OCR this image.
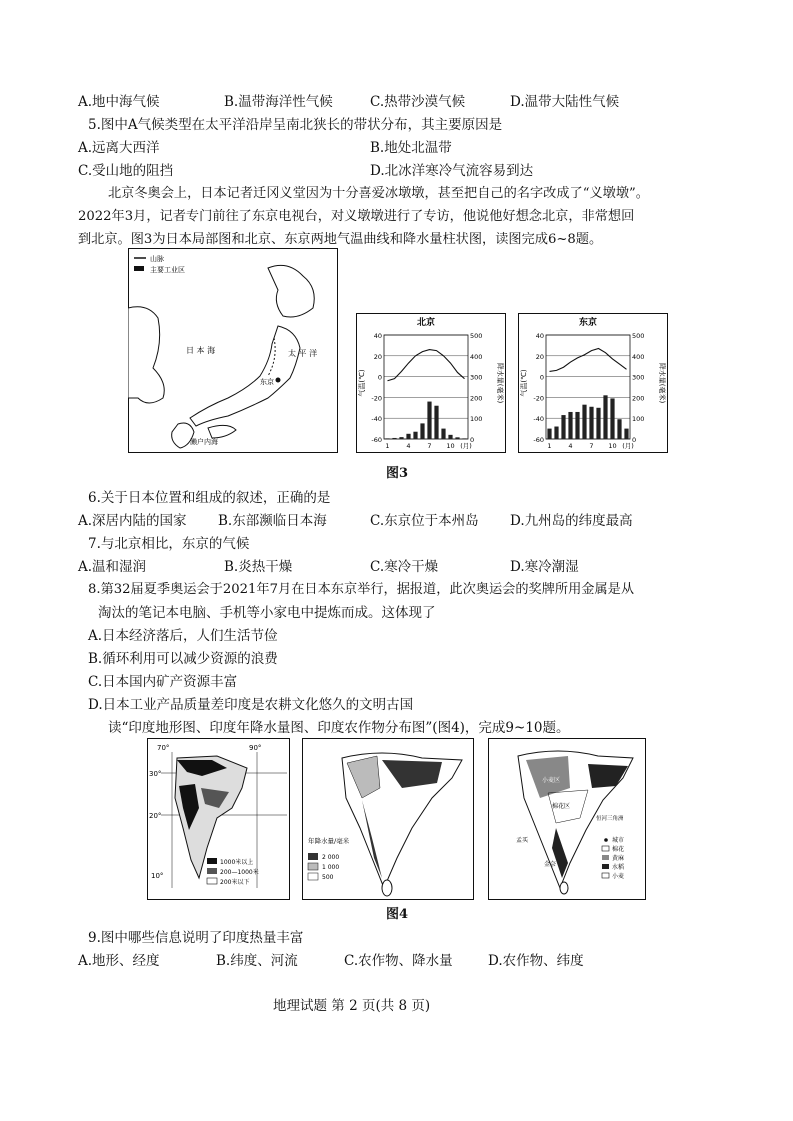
A.地中海气候	B.温带海洋性气候	C.热带沙漠气候	D.温带大陆性气候
5.图中A气候类型在太平洋沿岸呈南北狭长的带状分布，其主要原因是
A.远离大西洋	B.地处北温带
C.受山地的阻挡	D.北冰洋寒冷气流容易到达
北京冬奥会上，日本记者迁冈义堂因为十分喜爱冰墩墩，甚至把自己的名字改成了“义墩墩”。
2022年3月，记者专门前往了东京电视台，对义墩墩进行了专访，他说他好想念北京，非常想回
到北京。图3为日本局部图和北京、东京两地气温曲线和降水量柱状图，读图完成6~8题。
山脉
主要工业区
日 本 海	太 平 洋
东京
濑户内海
北京
40
20
0
-20
-40
-60
500
400
300
200
100
0
气温(℃)	降水量(毫米)
1	4	7 10 (月)
东京
40
20
0
-20
-40
-60
500
400
300
200
100
0
气温(℃)	降水量(毫米)
1	4	7 10 (月)
图3
6.关于日本位置和组成的叙述，正确的是
A.深居内陆的国家 B.东部濒临日本海	C.东京位于本州岛 D.九州岛的纬度最高
7.与北京相比，东京的气候
A.温和湿润	B.炎热干燥	C.寒冷干燥	D.寒冷潮湿
8.第32届夏季奥运会于2021年7月在日本东京举行，据报道，此次奥运会的奖牌所用金属是从
淘汰的笔记本电脑、手机等小家电中提炼而成。这体现了
A.日本经济落后，人们生活节俭
B.循环利用可以减少资源的浪费
C.日本国内矿产资源丰富
D.日本工业产品质量差印度是农耕文化悠久的文明古国
读“印度地形图、印度年降水量图、印度农作物分布图”(图4)，完成9~10题。
70°	90°
30°
20°
10°
1000米以上
200—1000米
200米以下
年降水量/毫米
2 000
1 000
500
小麦区
棉花区
孟买
金奈
恒河三角洲
城市
棉花
黄麻
水稻
小麦
图4
9.图中哪些信息说明了印度热量丰富
A.地形、经度	B.纬度、河流	C.农作物、降水量	D.农作物、纬度
地理试题 第 2 页(共 8 页)
